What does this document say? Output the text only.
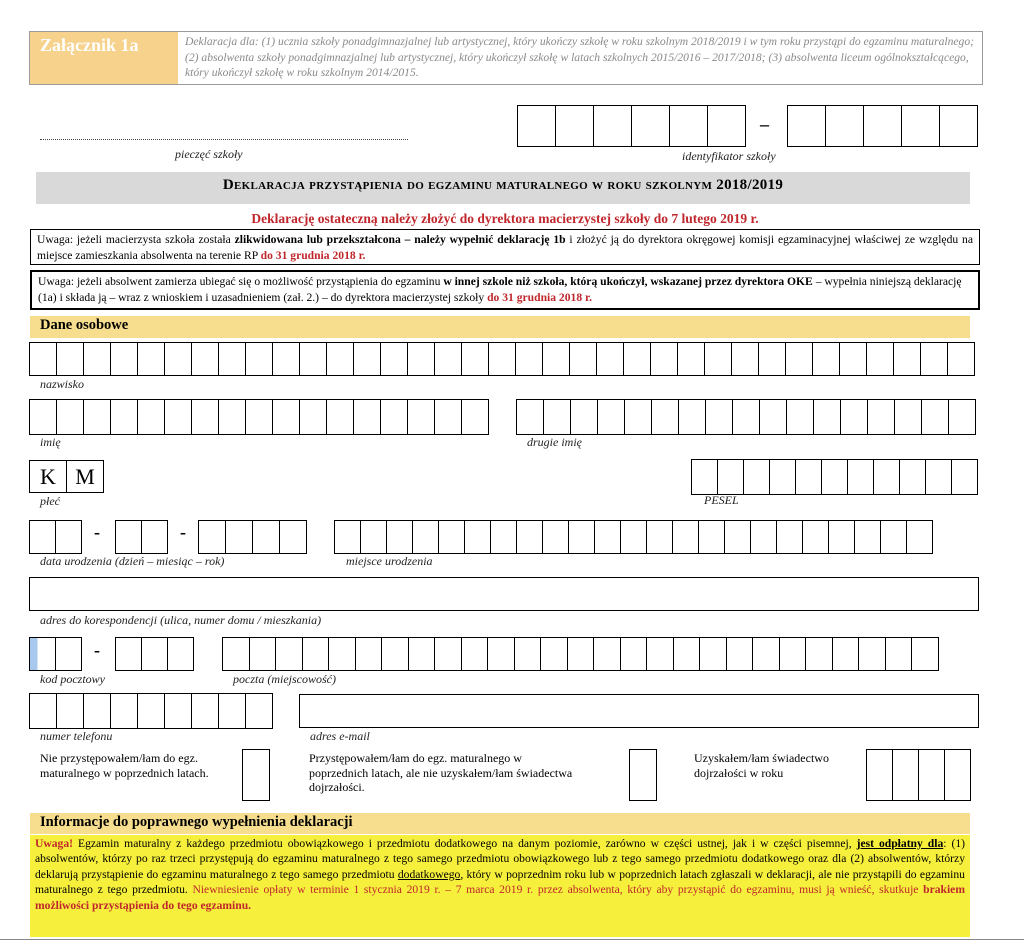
Załącznik 1a	Deklaracja dla: (1) ucznia szkoły ponadgimnazjalnej lub artystycznej, który ukończy szkołę w roku szkolnym 2018/2019 i w tym roku przystąpi do egzaminu maturalnego; (2) absolwenta szkoły ponadgimnazjalnej lub artystycznej, który ukończył szkołę w latach szkolnych 2015/2016 – 2017/2018; (3) absolwenta liceum ogólnokształcącego, który ukończył szkołę w roku szkolnym 2014/2015.
pieczęć szkoły
–
identyfikator szkoły
Deklaracja przystąpienia do egzaminu maturalnego w roku szkolnym 2018/2019
Deklarację ostateczną należy złożyć do dyrektora macierzystej szkoły do 7 lutego 2019 r.
Uwaga: jeżeli macierzysta szkoła została zlikwidowana lub przekształcona – należy wypełnić deklarację 1b i złożyć ją do dyrektora okręgowej komisji egzaminacyjnej właściwej ze względu na miejsce zamieszkania absolwenta na terenie RP do 31 grudnia 2018 r.
Uwaga: jeżeli absolwent zamierza ubiegać się o możliwość przystąpienia do egzaminu w innej szkole niż szkoła, którą ukończył, wskazanej przez dyrektora OKE – wypełnia niniejszą deklarację (1a) i składa ją – wraz z wnioskiem i uzasadnieniem (zał. 2.) – do dyrektora macierzystej szkoły do 31 grudnia 2018 r.
Dane osobowe
nazwisko
imię	drugie imię
K M
płeć	PESEL
-	-
data urodzenia (dzień – miesiąc – rok)	miejsce urodzenia
adres do korespondencji (ulica, numer domu / mieszkania)
-
kod pocztowy	poczta (miejscowość)
numer telefonu	adres e-mail
Nie przystępowałem/łam do egz. maturalnego w poprzednich latach.
Przystępowałem/łam do egz. maturalnego w poprzednich latach, ale nie uzyskałem/łam świadectwa dojrzałości.
Uzyskałem/łam świadectwo dojrzałości w roku
Informacje do poprawnego wypełnienia deklaracji
Uwaga! Egzamin maturalny z każdego przedmiotu obowiązkowego i przedmiotu dodatkowego na danym poziomie, zarówno w części ustnej, jak i w części pisemnej, jest odpłatny dla: (1) absolwentów, którzy po raz trzeci przystępują do egzaminu maturalnego z tego samego przedmiotu obowiązkowego lub z tego samego przedmiotu dodatkowego oraz dla (2) absolwentów, którzy deklarują przystąpienie do egzaminu maturalnego z tego samego przedmiotu dodatkowego, który w poprzednim roku lub w poprzednich latach zgłaszali w deklaracji, ale nie przystąpili do egzaminu maturalnego z tego przedmiotu. Niewniesienie opłaty w terminie 1 stycznia 2019 r. – 7 marca 2019 r. przez absolwenta, który aby przystąpić do egzaminu, musi ją wnieść, skutkuje brakiem możliwości przystąpienia do tego egzaminu.
